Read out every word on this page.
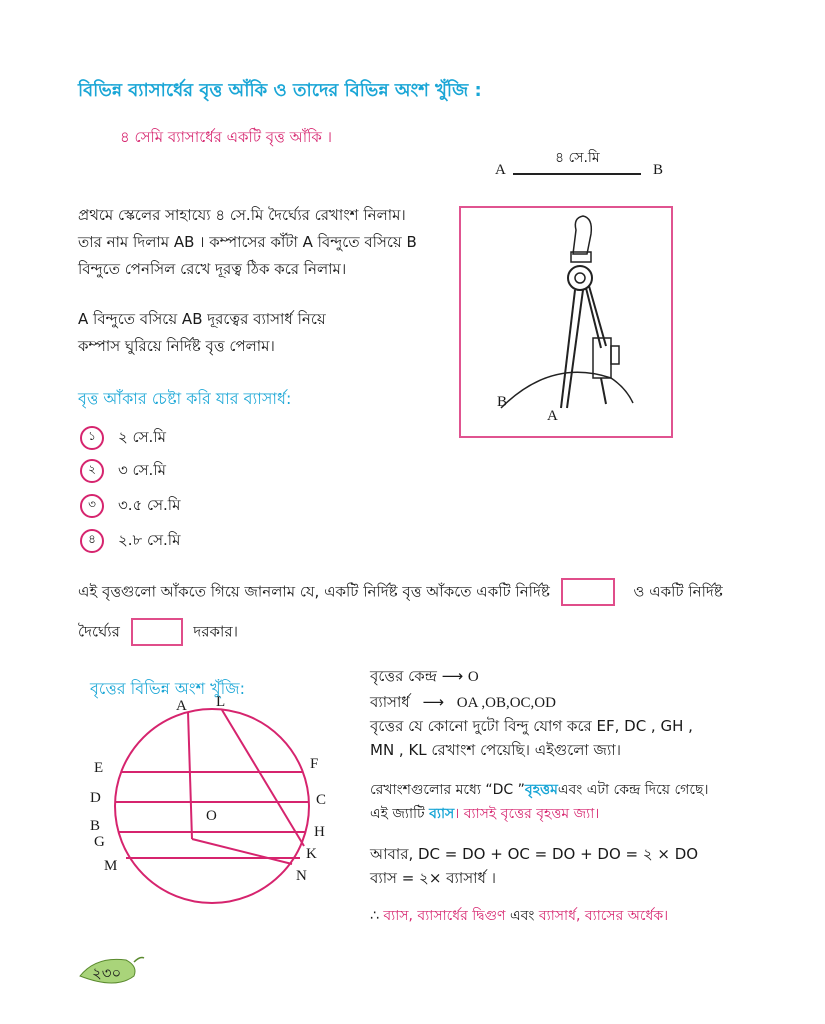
বিভিন্ন ব্যাসার্ধের বৃত্ত আঁকি ও তাদের বিভিন্ন অংশ খুঁজি :
৪ সেমি ব্যাসার্ধের একটি বৃত্ত আঁকি ।
৪ সে.মি
A	B
প্রথমে স্কেলের সাহায্যে ৪ সে.মি দৈর্ঘ্যের রেখাংশ নিলাম।
তার নাম দিলাম AB । কম্পাসের কাঁটা A বিন্দুতে বসিয়ে B
বিন্দুতে পেনসিল রেখে দূরত্ব ঠিক করে নিলাম।
A বিন্দুতে বসিয়ে AB দূরত্বের ব্যাসার্ধ নিয়ে
কম্পাস ঘুরিয়ে নির্দিষ্ট বৃত্ত পেলাম।
B
A
বৃত্ত আঁকার চেষ্টা করি যার ব্যাসার্ধ:
১	২ সে.মি
২	৩ সে.মি
৩	৩.৫ সে.মি
৪	২.৮ সে.মি
এই বৃত্তগুলো আঁকতে গিয়ে জানলাম যে, একটি নির্দিষ্ট বৃত্ত আঁকতে একটি নির্দিষ্ট	ও একটি নির্দিষ্ট
দৈর্ঘ্যের	দরকার।
বৃত্তের বিভিন্ন অংশ খুঁজি:
A L
E	F
D	C
O
B	H
G
K
M
N
বৃত্তের কেন্দ্র ⟶ O
ব্যাসার্ধ ⟶ OA ,OB,OC,OD
বৃত্তের যে কোনো দুটো বিন্দু যোগ করে EF, DC , GH ,
MN , KL রেখাংশ পেয়েছি। এইগুলো জ্যা।
রেখাংশগুলোর মধ্যে “DC ”বৃহত্তমএবং এটা কেন্দ্র দিয়ে গেছে।
এই জ্যাটি ব্যাস। ব্যাসই বৃত্তের বৃহত্তম জ্যা।
আবার, DC = DO + OC = DO + DO = ২ × DO
ব্যাস = ২× ব্যাসার্ধ ।
∴ ব্যাস, ব্যাসার্ধের দ্বিগুণ এবং ব্যাসার্ধ, ব্যাসের অর্ধেক।
২৩০
